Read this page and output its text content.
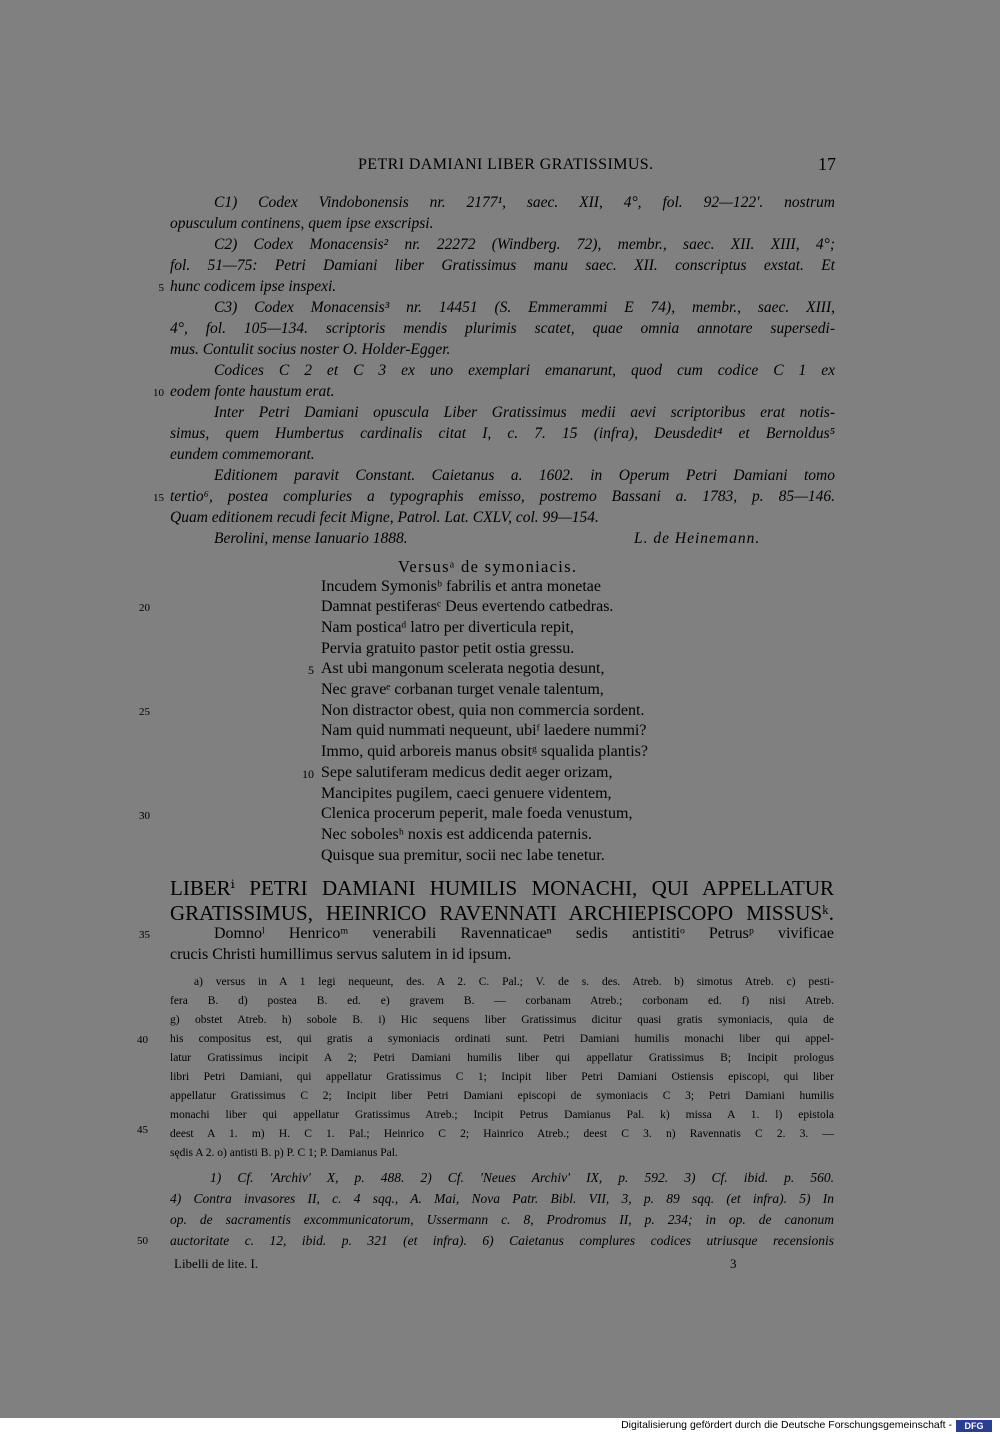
PETRI DAMIANI LIBER GRATISSIMUS.	17
C1) Codex Vindobonensis nr. 2177¹, saec. XII, 4°, fol. 92—122'. nostrum
opusculum continens, quem ipse exscripsi.
C2) Codex Monacensis² nr. 22272 (Windberg. 72), membr., saec. XII. XIII, 4°;
fol. 51—75: Petri Damiani liber Gratissimus manu saec. XII. conscriptus exstat. Et
hunc codicem ipse inspexi.
C3) Codex Monacensis³ nr. 14451 (S. Emmerammi E 74), membr., saec. XIII,
4°, fol. 105—134. scriptoris mendis plurimis scatet, quae omnia annotare supersedi-
mus. Contulit socius noster O. Holder-Egger.
Codices C 2 et C 3 ex uno exemplari emanarunt, quod cum codice C 1 ex
eodem fonte haustum erat.
Inter Petri Damiani opuscula Liber Gratissimus medii aevi scriptoribus erat notis-
simus, quem Humbertus cardinalis citat I, c. 7. 15 (infra), Deusdedit⁴ et Bernoldus⁵
eundem commemorant.
Editionem paravit Constant. Caietanus a. 1602. in Operum Petri Damiani tomo
tertio⁶, postea compluries a typographis emisso, postremo Bassani a. 1783, p. 85—146.
Quam editionem recudi fecit Migne, Patrol. Lat. CXLV, col. 99—154.
Berolini, mense Ianuario 1888.	L. de Heinemann.
5
10
15
20
25
30
35
40
45
50
Versusᵃ de symoniacis.
Incudem Symonisᵇ fabrilis et antra monetae
Damnat pestiferasᶜ Deus evertendo catbedras.
Nam posticaᵈ latro per diverticula repit,
Pervia gratuito pastor petit ostia gressu.
Ast ubi mangonum scelerata negotia desunt,
Nec graveᵉ corbanan turget venale talentum,
Non distractor obest, quia non commercia sordent.
Nam quid nummati nequeunt, ubiᶠ laedere nummi?
Immo, quid arboreis manus obsitᵍ squalida plantis?
Sepe salutiferam medicus dedit aeger orizam,
Mancipites pugilem, caeci genuere videntem,
Clenica procerum peperit, male foeda venustum,
Nec sobolesʰ noxis est addicenda paternis.
Quisque sua premitur, socii nec labe tenetur.
5
10
LIBERⁱ PETRI DAMIANI HUMILIS MONACHI, QUI APPELLATUR
GRATISSIMUS, HEINRICO RAVENNATI ARCHIEPISCOPO MISSUSᵏ.
Domnoˡ Henricoᵐ venerabili Ravennaticaeⁿ sedis antistitiᵒ Petrusᵖ vivificae
crucis Christi humillimus servus salutem in id ipsum.
a) versus in A 1 legi nequeunt, des. A 2. C. Pal.; V. de s. des. Atreb. b) simotus Atreb. c) pesti-
fera B. d) postea B. ed. e) gravem B. — corbanam Atreb.; corbonam ed. f) nisi Atreb.
g) obstet Atreb. h) sobole B. i) Hic sequens liber Gratissimus dicitur quasi gratis symoniacis, quia de
his compositus est, qui gratis a symoniacis ordinati sunt. Petri Damiani humilis monachi liber qui appel-
latur Gratissimus incipit A 2; Petri Damiani humilis liber qui appellatur Gratissimus B; Incipit prologus
libri Petri Damiani, qui appellatur Gratissimus C 1; Incipit liber Petri Damiani Ostiensis episcopi, qui liber
appellatur Gratissimus C 2; Incipit liber Petri Damiani episcopi de symoniacis C 3; Petri Damiani humilis
monachi liber qui appellatur Gratissimus Atreb.; Incipit Petrus Damianus Pal. k) missa A 1. l) epistola
deest A 1. m) H. C 1. Pal.; Heinrico C 2; Hainrico Atreb.; deest C 3. n) Ravennatis C 2. 3. —
sędis A 2. o) antisti B. p) P. C 1; P. Damianus Pal.
1) Cf. 'Archiv' X, p. 488. 2) Cf. 'Neues Archiv' IX, p. 592. 3) Cf. ibid. p. 560.
4) Contra invasores II, c. 4 sqq., A. Mai, Nova Patr. Bibl. VII, 3, p. 89 sqq. (et infra). 5) In
op. de sacramentis excommunicatorum, Ussermann c. 8, Prodromus II, p. 234; in op. de canonum
auctoritate c. 12, ibid. p. 321 (et infra). 6) Caietanus complures codices utriusque recensionis
Libelli de lite. I.	3
Digitalisierung gefördert durch die Deutsche Forschungsgemeinschaft -	DFG
